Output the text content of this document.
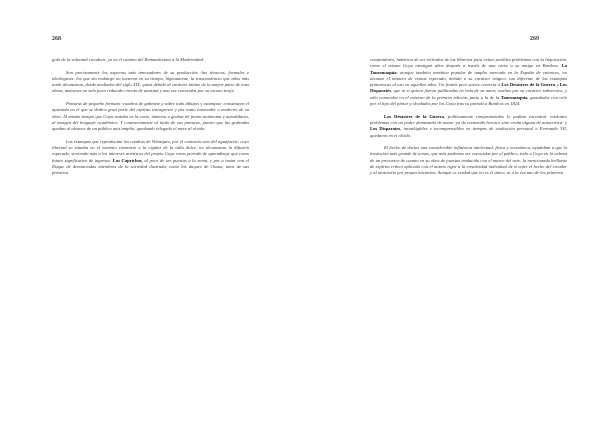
268

gido de la voluntad creadora, ya en el camino del Romanticismo a la Modernidad.

Son precisamente los aspectos más innovadores de su producción -las técnicas, formales e ideológicas- los que sin embargo no tuvieron en su tiempo, lógicamente, la trascendencia que años más tarde alcanzaron, desde mediados del siglo XIX, quizá debido al carácter íntimo de la mayor parte de esas obras, muestras no solo poco reducido círculo de amistad y una vez conocidas por su escaso tiraje.

Pinturas de pequeño formato -cuadros de gabinete y sobre todo dibujos y estampas- constituyen el apartado en el que se dedica gran parte del espíritu transgresor y por tanto innovador o moderno de su obra. Al mismo tiempo que Goya trataba en la corte, inmersa a grabar de forma autónoma y autodidacta, al margen del lenguaje académico. Y contrariamente al título de sus pinturas, puesto que las grabadas quedan al alcance de un público más amplio, quedando relegado el mero al olvido.

Las estampas que reproducían los cuadros de Velázquez, por el contrario uno del aguafuerte, cuyo libertad se situaba en el extremo contrario a la rigidez de la talla dulce, no alcanzaron la difusión esperada, sirviendo más a los intereses artísticos del propio Goya como período de aprendizaje que como futuro significativo de ingresos. Los Caprichos, al poco de ser puestos a la venta, y por a instar con el Duque de denunciadas miembros de la sociedad ilustrada, como los duques de Osuna, unos de sus primeros

269

compradores, hubieron de ser retirados de las librerías para evitar posibles problemas con la Inquisición, como el mismo Goya atestiguó años después a través de una carta a su amigo en Burdeos. La Tauromaquia, aunque también temática popular de amplio mercado en la España de entonces, no alcanzó el número de ventas esperado, debido a su carácter trágico, tan diferente de las estampas pintorescas al uso en aquellos años. Un frontis peor suerte correría a Los Desastres de la Guerra y Los Disparates, que ni si quiera fueron publicadas en vida de su autor, ocultos por su carácter subversivo, y sólo conocidos en el entorno de la primera edición, junto a la de la Tauromaquia, guardados con celo por el hijo del pintor y olvidados por los Goya tras su partida a Burdeos en 1824.

Los Desastres de la Guerra, políticamente comprometidos lo podían encontrar evidentes problemas con un poder demasiado de mano -ya de contenido heroico sino cruda alguna de autocrítica- y Los Disparates, ininteligibles e incomprensibles en tiempos de exaltación personal a Fernando VII, quedaron en el olvido.

El hecho de darlas una considerable influencia intelectual, física y económica, ayudaban a que la traslación más grande de temas, que más podemos ser conocidas por el público, todo a Goya en la cabeza de un precursor de cuanto en su obra de puestas traducido con el marco del arte: la mencionada brillante de espíritu crítico aplicado con el mismo rigor a la creatividad individual de sí entre el hecho del creador y al mostrarlo por propia iniciativa. Aunque es verdad que no es el único, ni a la vez uno de los primeros
